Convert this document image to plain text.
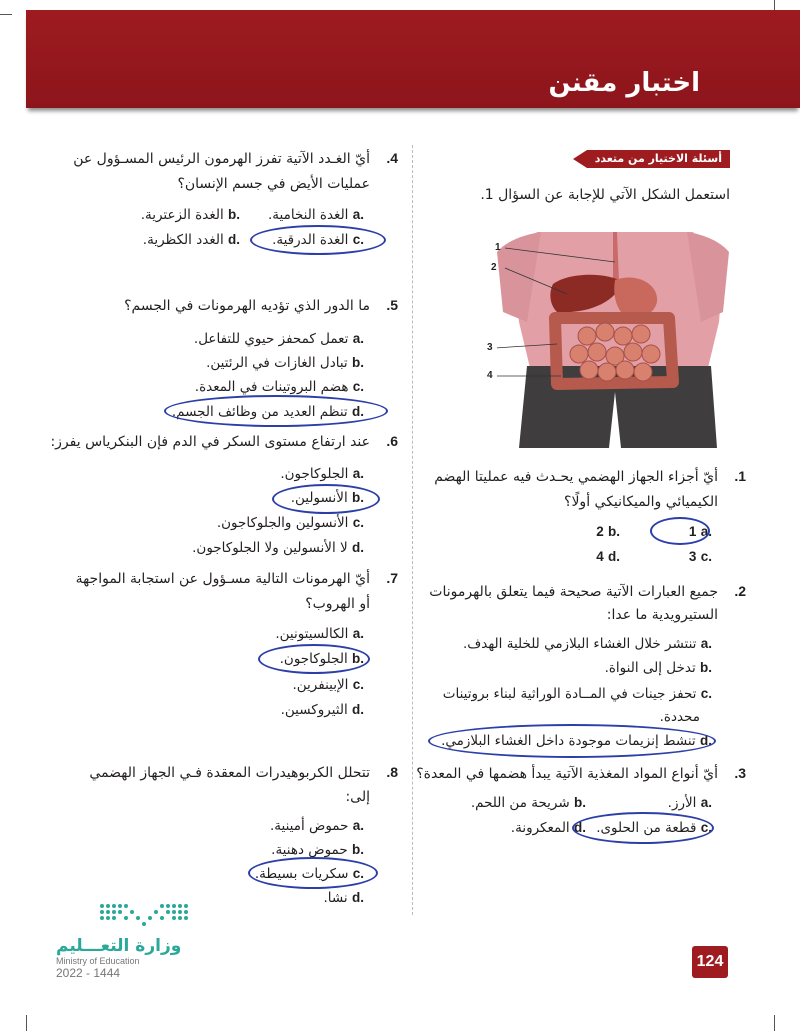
اختبار مقنن
أسئلة الاختيار من متعدد
استعمل الشكل الآتي للإجابة عن السؤال 1.
1
2
3
4
.1
أيّ أجزاء الجهاز الهضمي يحـدث فيه عمليتا الهضم
الكيميائي والميكانيكي أولًا؟
a. 1
b. 2
c. 3
d. 4
.2
جميع العبارات الآتية صحيحة فيما يتعلق بالهرمونات
الستيرويدية ما عدا:
a. تنتشر خلال الغشاء البلازمي للخلية الهدف.
b. تدخل إلى النواة.
c. تحفز جينات في المــادة الوراثية لبناء بروتينات
محددة.
d. تنشط إنزيمات موجودة داخل الغشاء البلازمي.
.3
أيّ أنواع المواد المغذية الآتية يبدأ هضمها في المعدة؟
a. الأرز.
b. شريحة من اللحم.
c. قطعة من الحلوى.
d. المعكرونة.
.4
أيّ الغـدد الآتية تفرز الهرمون الرئيس المسـؤول عن
عمليات الأيض في جسم الإنسان؟
a. الغدة النخامية.
b. الغدة الزعترية.
c. الغدة الدرقية.
d. الغدد الكظرية.
.5
ما الدور الذي تؤديه الهرمونات في الجسم؟
a. تعمل كمحفز حيوي للتفاعل.
b. تبادل الغازات في الرئتين.
c. هضم البروتينات في المعدة.
d. تنظم العديد من وظائف الجسم.
.6
عند ارتفاع مستوى السكر في الدم فإن البنكرياس يفرز:
a. الجلوكاجون.
b. الأنسولين.
c. الأنسولين والجلوكاجون.
d. لا الأنسولين ولا الجلوكاجون.
.7
أيّ الهرمونات التالية مسـؤول عن استجابة المواجهة
أو الهروب؟
a. الكالسيتونين.
b. الجلوكاجون.
c. الإبينفرين.
d. الثيروكسين.
.8
تتحلل الكربوهيدرات المعقدة فـي الجهاز الهضمي
إلى:
a. حموض أمينية.
b. حموض دهنية.
c. سكريات بسيطة.
d. نشا.
وزارة التعـــليم
Ministry of Education
2022 - 1444
124
